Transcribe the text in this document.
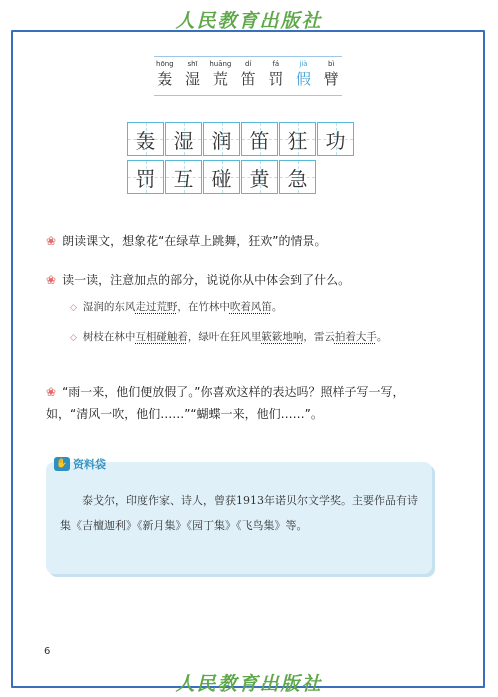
人民教育出版社
hōng
轰
shī
湿
huāng
荒
dí
笛
fá
罚
jià
假
bì
臂
轰 湿 润 笛 狂 功
罚 互 碰 黄 急
❀ 朗读课文，想象花“在绿草上跳舞，狂欢”的情景。
❀ 读一读，注意加点的部分，说说你从中体会到了什么。
◇ 湿润的东风走过荒野，在竹林中吹着风笛。
◇ 树枝在林中互相碰触着，绿叶在狂风里簌簌地响，雷云拍着大手。
❀ “雨一来，他们便放假了。”你喜欢这样的表达吗？照样子写一写，如，“清风一吹，他们……”“蝴蝶一来，他们……”。
✋ 资料袋
泰戈尔，印度作家、诗人，曾获1913年诺贝尔文学奖。主要作品有诗集《吉檀迦利》《新月集》《园丁集》《飞鸟集》等。
6
人民教育出版社
